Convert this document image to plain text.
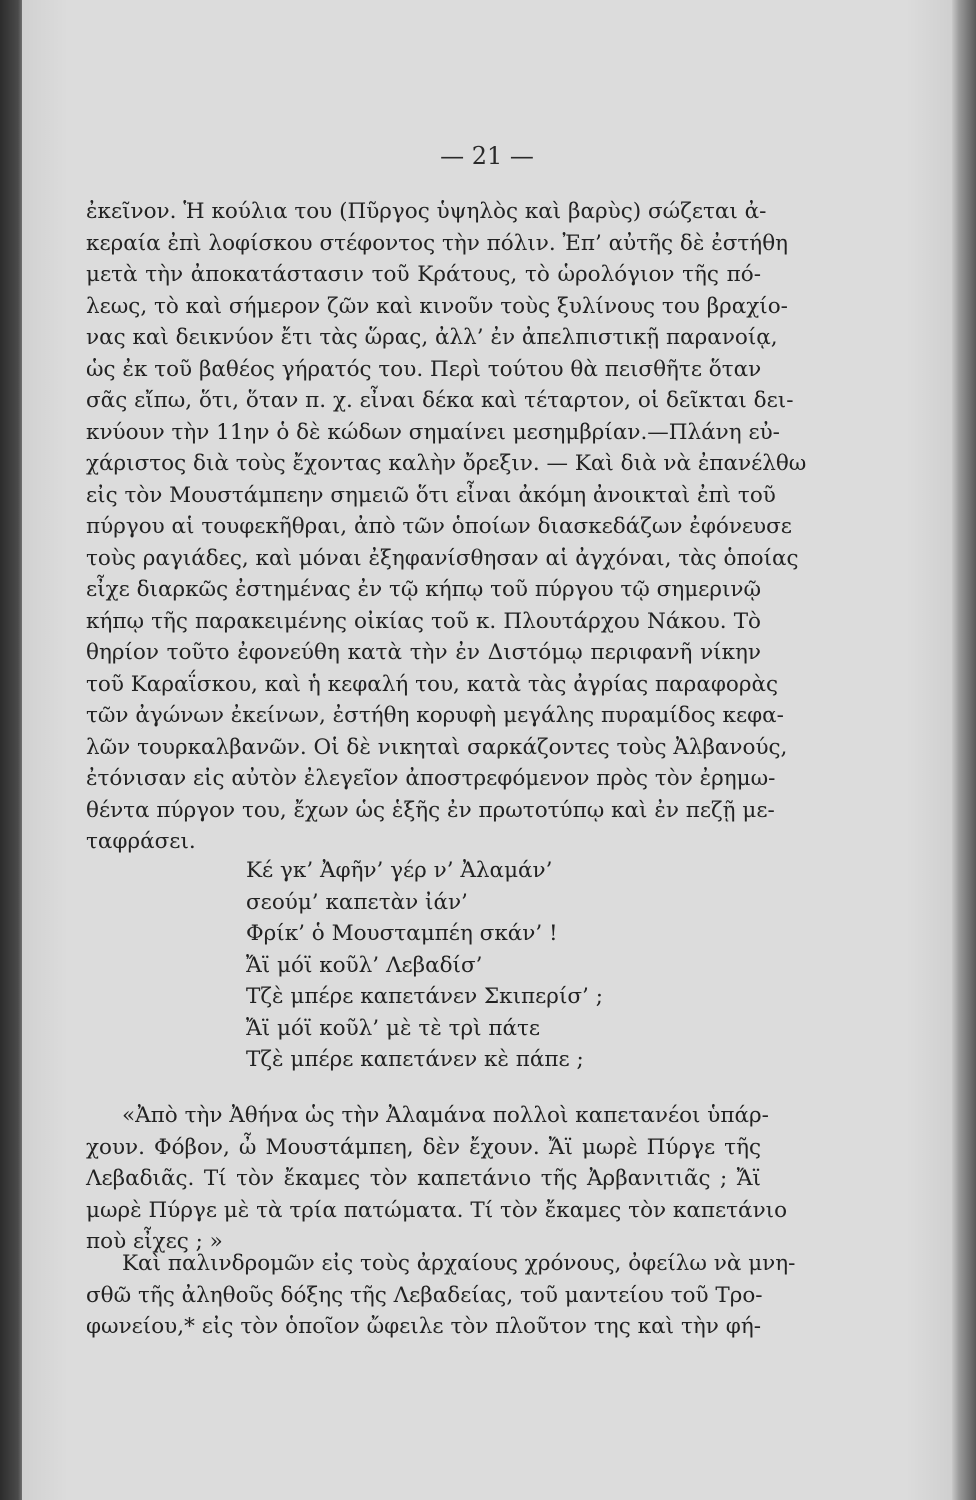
— 21 —
ἐκεῖνον. Ἡ κούλια του (Πῦργος ὑψηλὸς καὶ βαρὺς) σώζεται ἀ-
κεραία ἐπὶ λοφίσκου στέφοντος τὴν πόλιν. Ἐπ’ αὐτῆς δὲ ἐστήθη
μετὰ τὴν ἀποκατάστασιν τοῦ Κράτους, τὸ ὡρολόγιον τῆς πό-
λεως, τὸ καὶ σήμερον ζῶν καὶ κινοῦν τοὺς ξυλίνους του βραχίο-
νας καὶ δεικνύον ἔτι τὰς ὥρας, ἀλλ’ ἐν ἀπελπιστικῇ παρανοίᾳ,
ὡς ἐκ τοῦ βαθέος γήρατός του. Περὶ τούτου θὰ πεισθῆτε ὅταν
σᾶς εἴπω, ὅτι, ὅταν π. χ. εἶναι δέκα καὶ τέταρτον, οἱ δεῖκται δει-
κνύουν τὴν 11ην ὁ δὲ κώδων σημαίνει μεσημβρίαν.—Πλάνη εὐ-
χάριστος διὰ τοὺς ἔχοντας καλὴν ὄρεξιν. — Καὶ διὰ νὰ ἐπανέλθω
εἰς τὸν Μουστάμπεην σημειῶ ὅτι εἶναι ἀκόμη ἀνοικταὶ ἐπὶ τοῦ
πύργου αἱ τουφεκῆθραι, ἀπὸ τῶν ὁποίων διασκεδάζων ἐφόνευσε
τοὺς ραγιάδες, καὶ μόναι ἐξηφανίσθησαν αἱ ἀγχόναι, τὰς ὁποίας
εἶχε διαρκῶς ἐστημένας ἐν τῷ κήπῳ τοῦ πύργου τῷ σημερινῷ
κήπῳ τῆς παρακειμένης οἰκίας τοῦ κ. Πλουτάρχου Νάκου. Τὸ
θηρίον τοῦτο ἐφονεύθη κατὰ τὴν ἐν Διστόμῳ περιφανῆ νίκην
τοῦ Καραΐσκου, καὶ ἡ κεφαλή του, κατὰ τὰς ἀγρίας παραφορὰς
τῶν ἀγώνων ἐκείνων, ἐστήθη κορυφὴ μεγάλης πυραμίδος κεφα-
λῶν τουρκαλβανῶν. Οἱ δὲ νικηταὶ σαρκάζοντες τοὺς Ἀλβανούς,
ἐτόνισαν εἰς αὐτὸν ἐλεγεῖον ἀποστρεφόμενον πρὸς τὸν ἐρημω-
θέντα πύργον του, ἔχων ὡς ἑξῆς ἐν πρωτοτύπῳ καὶ ἐν πεζῇ με-
ταφράσει.
Κέ γκ’ Ἀφῆν’ γέρ ν’ Ἀλαμάν’
σεούμ’ καπετὰν ἰάν’
Φρίκ’ ὁ Μουσταμπέη σκάν’ !
Ἄϊ μόϊ κοῦλ’ Λεβαδίσ’
Τζὲ μπέρε καπετάνεν Σκιπερίσ’ ;
Ἄϊ μόϊ κοῦλ’ μὲ τὲ τρὶ πάτε
Τζὲ μπέρε καπετάνεν κὲ πάπε ;
«Ἀπὸ τὴν Ἀθήνα ὡς τὴν Ἀλαμάνα πολλοὶ καπετανέοι ὑπάρ-
χουν. Φόβον, ὦ Μουστάμπεη, δὲν ἔχουν. Ἄϊ μωρὲ Πύργε τῆς
Λεβαδιᾶς. Τί τὸν ἔκαμες τὸν καπετάνιο τῆς Ἀρβανιτιᾶς ; Ἄϊ
μωρὲ Πύργε μὲ τὰ τρία πατώματα. Τί τὸν ἔκαμες τὸν καπετάνιο
ποὺ εἶχες ; »
Καὶ παλινδρομῶν εἰς τοὺς ἀρχαίους χρόνους, ὀφείλω νὰ μνη-
σθῶ τῆς ἀληθοῦς δόξης τῆς Λεβαδείας, τοῦ μαντείου τοῦ Τρο-
φωνείου,* εἰς τὸν ὁποῖον ὤφειλε τὸν πλοῦτον της καὶ τὴν φή-
